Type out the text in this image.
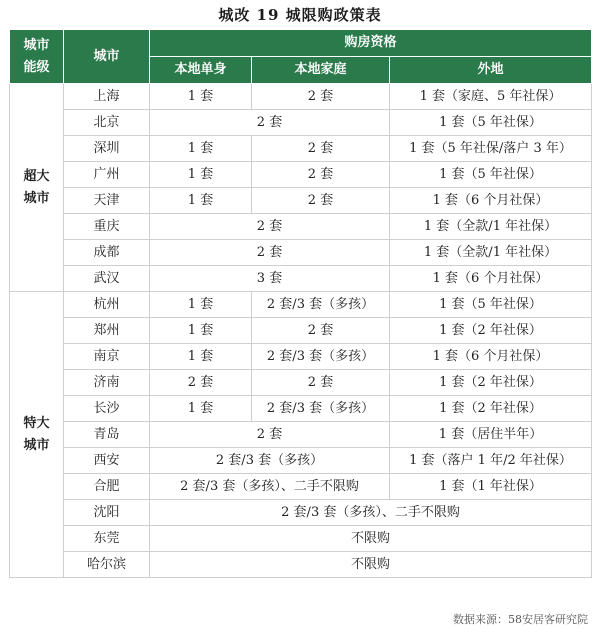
城改 19 城限购政策表
城市
能级	城市	购房资格		
		本地单身	本地家庭	外地

超大
城市	上海	1 套	2 套	1 套（家庭、5 年社保）
	北京	2 套		1 套（5 年社保）
	深圳	1 套	2 套	1 套（5 年社保/落户 3 年）
	广州	1 套	2 套	1 套（5 年社保）
	天津	1 套	2 套	1 套（6 个月社保）
	重庆	2 套		1 套（全款/1 年社保）
	成都	2 套		1 套（全款/1 年社保）
	武汉	3 套		1 套（6 个月社保）

特大
城市	杭州	1 套	2 套/3 套（多孩）	1 套（5 年社保）
	郑州	1 套	2 套	1 套（2 年社保）
	南京	1 套	2 套/3 套（多孩）	1 套（6 个月社保）
	济南	2 套	2 套	1 套（2 年社保）
	长沙	1 套	2 套/3 套（多孩）	1 套（2 年社保）
	青岛	2 套		1 套（居住半年）
	西安	2 套/3 套（多孩）		1 套（落户 1 年/2 年社保）
	合肥	2 套/3 套（多孩）、二手不限购		1 套（1 年社保）
	沈阳	2 套/3 套（多孩）、二手不限购		
	东莞	不限购		
	哈尔滨	不限购		
数据来源：58安居客研究院
